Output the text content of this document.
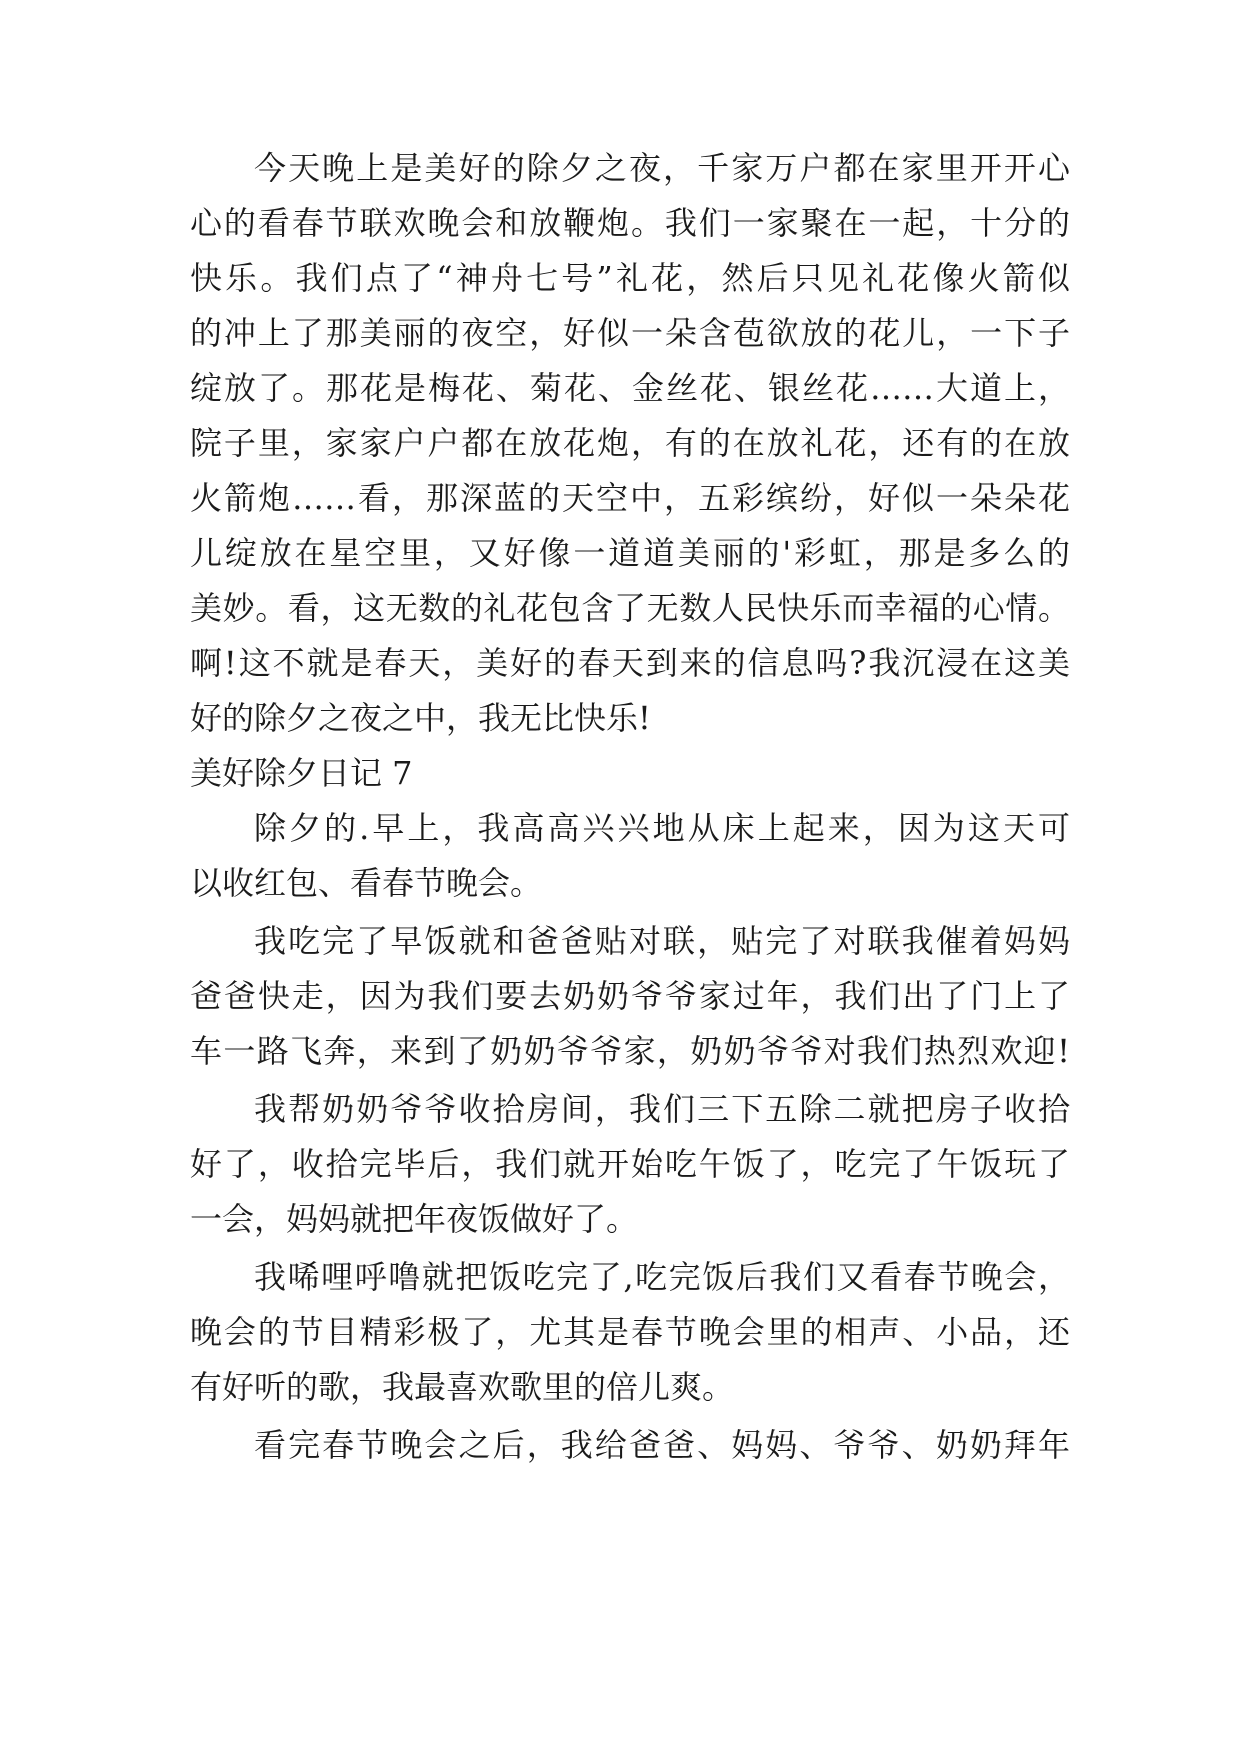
今天晚上是美好的除夕之夜，千家万户都在家里开开心

心的看春节联欢晚会和放鞭炮。我们一家聚在一起，十分的

快乐。我们点了“神舟七号”礼花，然后只见礼花像火箭似

的冲上了那美丽的夜空，好似一朵含苞欲放的花儿，一下子

绽放了。那花是梅花、菊花、金丝花、银丝花……大道上，

院子里，家家户户都在放花炮，有的在放礼花，还有的在放

火箭炮……看，那深蓝的天空中，五彩缤纷，好似一朵朵花

儿绽放在星空里，又好像一道道美丽的'彩虹，那是多么的

美妙。看，这无数的礼花包含了无数人民快乐而幸福的心情。

啊!这不就是春天，美好的春天到来的信息吗?我沉浸在这美

好的除夕之夜之中，我无比快乐!

美好除夕日记 7

除夕的.早上，我高高兴兴地从床上起来，因为这天可

以收红包、看春节晚会。

我吃完了早饭就和爸爸贴对联，贴完了对联我催着妈妈

爸爸快走，因为我们要去奶奶爷爷家过年，我们出了门上了

车一路飞奔，来到了奶奶爷爷家，奶奶爷爷对我们热烈欢迎!

我帮奶奶爷爷收拾房间，我们三下五除二就把房子收拾

好了，收拾完毕后，我们就开始吃午饭了，吃完了午饭玩了

一会，妈妈就把年夜饭做好了。

我唏哩呼噜就把饭吃完了,吃完饭后我们又看春节晚会，

晚会的节目精彩极了，尤其是春节晚会里的相声、小品，还

有好听的歌，我最喜欢歌里的倍儿爽。

看完春节晚会之后，我给爸爸、妈妈、爷爷、奶奶拜年
